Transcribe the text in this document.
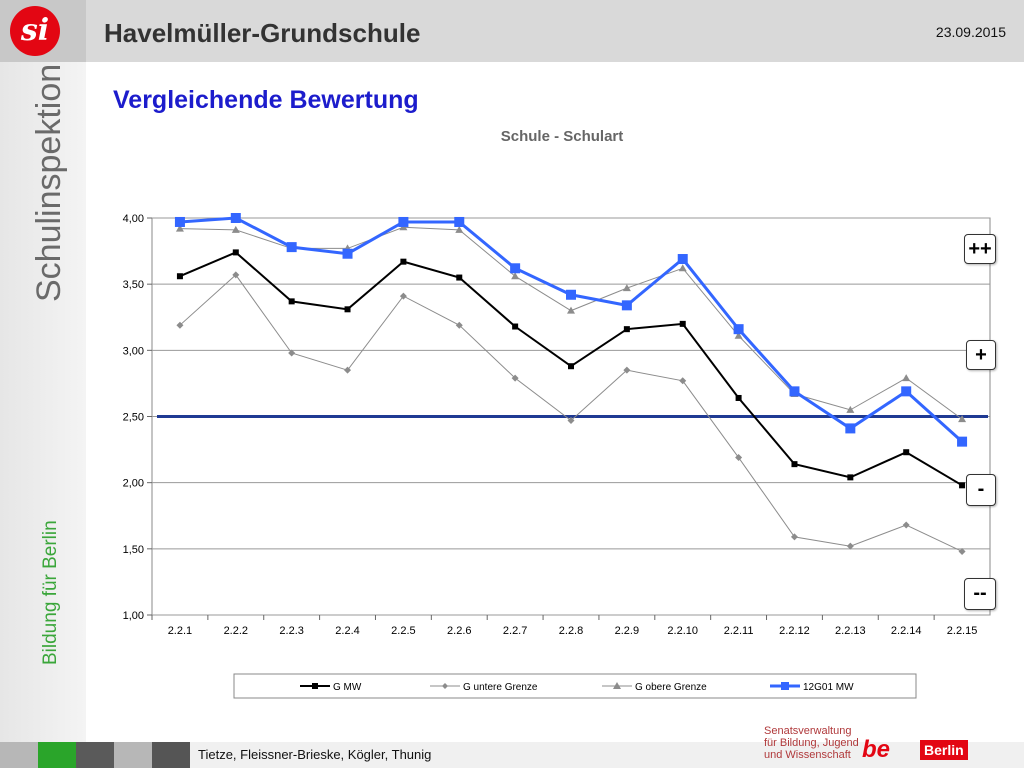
si	Havelmüller-Grundschule	23.09.2015
Schulinspektion
Bildung für Berlin
Vergleichende Bewertung
Schule - Schulart
1,00
1,50
2,00
2,50
3,00
3,50
4,00
2.2.1	2.2.2	2.2.3	2.2.4	2.2.5	2.2.6	2.2.7	2.2.8	2.2.9	2.2.10 2.2.11 2.2.12 2.2.13 2.2.14 2.2.15
G MW	G untere Grenze	G obere Grenze	12G01 MW
++
+
-
--
Tietze, Fleissner-Brieske, Kögler, Thunig
Senatsverwaltung
für Bildung, Jugend
und Wissenschaft be Berlin
